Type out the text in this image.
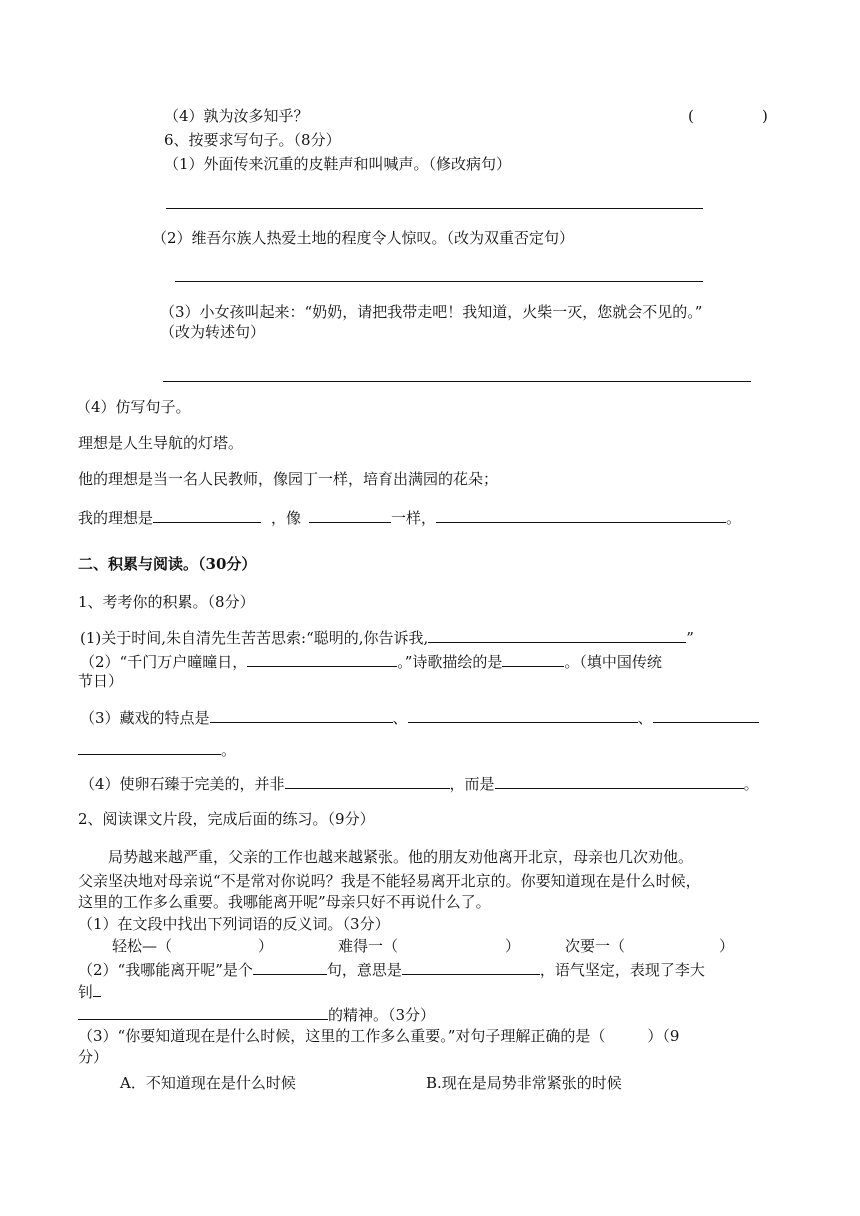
（4）孰为汝多知乎？	(	)
6、按要求写句子。（8分）
（1）外面传来沉重的皮鞋声和叫喊声。（修改病句）
（2）维吾尔族人热爱土地的程度令人惊叹。（改为双重否定句）
（3）小女孩叫起来：“奶奶，请把我带走吧！我知道，火柴一灭，您就会不见的。”
（改为转述句）
（4）仿写句子。
理想是人生导航的灯塔。
他的理想是当一名人民教师，像园丁一样，培育出满园的花朵；
我的理想是	，像	一样，	。
二、积累与阅读。（30分）
1、考考你的积累。（8分）
(1)关于时间,朱自清先生苦苦思索:“聪明的,你告诉我,	”
（2）“千门万户曈曈日，	。”诗歌描绘的是	。（填中国传统
节日）
（3）藏戏的特点是	、	、
。
（4）使卵石臻于完美的，并非	，而是	。
2、阅读课文片段，完成后面的练习。（9分）
局势越来越严重，父亲的工作也越来越紧张。他的朋友劝他离开北京，母亲也几次劝他。
父亲坚决地对母亲说“不是常对你说吗？我是不能轻易离开北京的。你要知道现在是什么时候，
这里的工作多么重要。我哪能离开呢”母亲只好不再说什么了。
（1）在文段中找出下列词语的反义词。（3分）
轻松—（	）	难得一（	）	次要一（	）
（2）“我哪能离开呢”是个	句，意思是	，语气坚定，表现了李大
钊
的精神。（3分）
（3）“你要知道现在是什么时候，这里的工作多么重要。”对句子理解正确的是（	）（9
分）
A．不知道现在是什么时候	B.现在是局势非常紧张的时候
